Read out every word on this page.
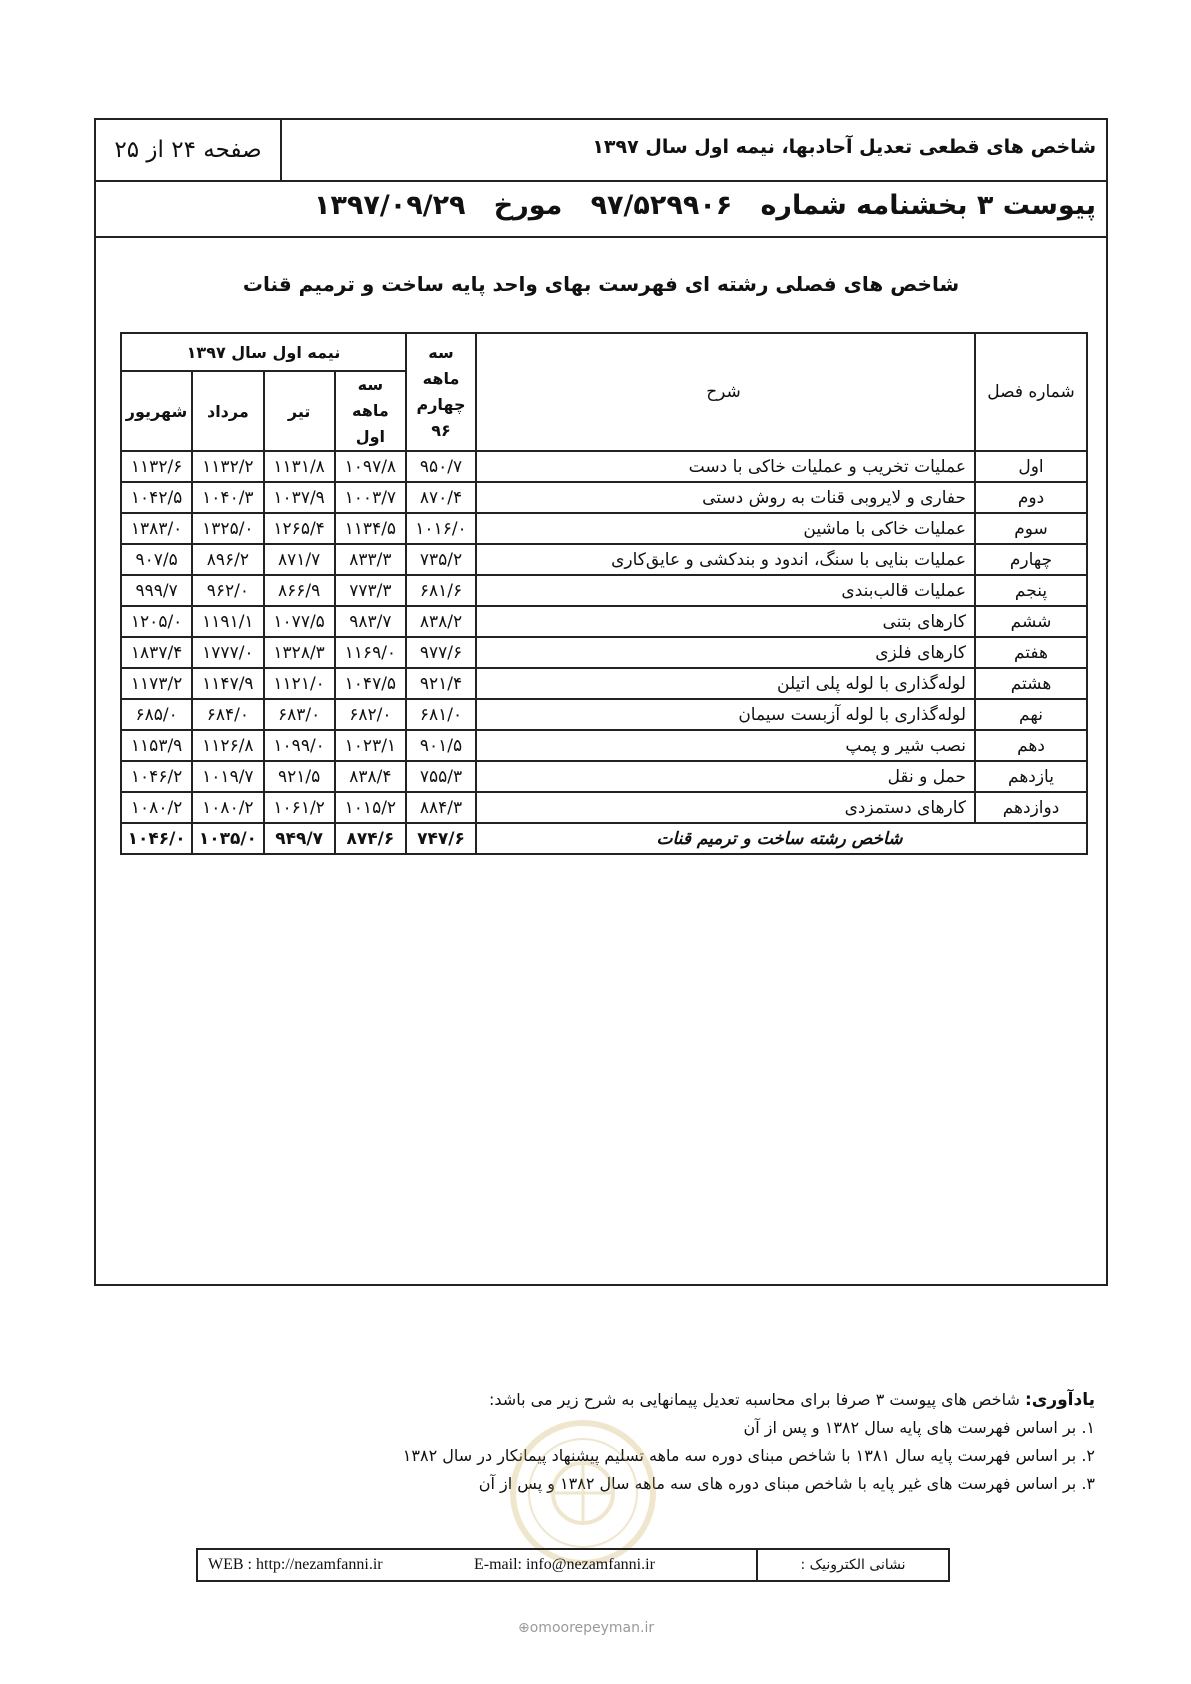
شاخص های قطعی تعدیل آحادبها، نیمه اول سال ۱۳۹۷
صفحه ۲۴ از ۲۵
پیوست ۳ بخشنامه شماره   ۹۷/۵۲۹۹۰۶   مورخ   ۱۳۹۷/۰۹/۲۹
شاخص های فصلی رشته ای فهرست بهای واحد پایه ساخت و ترمیم قنات
شماره فصل	شرح	سه ماهه چهارم ۹۶	نیمه اول سال ۱۳۹۷			
			سه ماهه اول	تیر	مرداد	شهریور
اول	عملیات تخریب و عملیات خاکی با دست	۹۵۰/۷	۱۰۹۷/۸	۱۱۳۱/۸	۱۱۳۲/۲	۱۱۳۲/۶
دوم	حفاری و لایروبی قنات به روش دستی	۸۷۰/۴	۱۰۰۳/۷	۱۰۳۷/۹	۱۰۴۰/۳	۱۰۴۲/۵
سوم	عملیات خاکی با ماشین	۱۰۱۶/۰	۱۱۳۴/۵	۱۲۶۵/۴	۱۳۲۵/۰	۱۳۸۳/۰
چهارم	عملیات بنایی با سنگ، اندود و بندکشی و عایق‌کاری	۷۳۵/۲	۸۳۳/۳	۸۷۱/۷	۸۹۶/۲	۹۰۷/۵
پنجم	عملیات قالب‌بندی	۶۸۱/۶	۷۷۳/۳	۸۶۶/۹	۹۶۲/۰	۹۹۹/۷
ششم	کارهای بتنی	۸۳۸/۲	۹۸۳/۷	۱۰۷۷/۵	۱۱۹۱/۱	۱۲۰۵/۰
هفتم	کارهای فلزی	۹۷۷/۶	۱۱۶۹/۰	۱۳۲۸/۳	۱۷۷۷/۰	۱۸۳۷/۴
هشتم	لوله‌گذاری با لوله پلی اتیلن	۹۲۱/۴	۱۰۴۷/۵	۱۱۲۱/۰	۱۱۴۷/۹	۱۱۷۳/۲
نهم	لوله‌گذاری با لوله آزبست سیمان	۶۸۱/۰	۶۸۲/۰	۶۸۳/۰	۶۸۴/۰	۶۸۵/۰
دهم	نصب شیر و پمپ	۹۰۱/۵	۱۰۲۳/۱	۱۰۹۹/۰	۱۱۲۶/۸	۱۱۵۳/۹
یازدهم	حمل و نقل	۷۵۵/۳	۸۳۸/۴	۹۲۱/۵	۱۰۱۹/۷	۱۰۴۶/۲
دوازدهم	کارهای دستمزدی	۸۸۴/۳	۱۰۱۵/۲	۱۰۶۱/۲	۱۰۸۰/۲	۱۰۸۰/۲
شاخص رشته ساخت و ترمیم قنات		۷۴۷/۶	۸۷۴/۶	۹۴۹/۷	۱۰۳۵/۰	۱۰۴۶/۰
یادآوری: شاخص های پیوست ۳ صرفا برای محاسبه تعدیل پیمانهایی به شرح زیر می باشد:
۱. بر اساس فهرست های پایه سال ۱۳۸۲ و پس از آن
۲. بر اساس فهرست پایه سال ۱۳۸۱ با شاخص مبنای دوره سه ماهه تسلیم پیشنهاد پیمانکار در سال ۱۳۸۲
۳. بر اساس فهرست های غیر پایه با شاخص مبنای دوره های سه ماهه سال ۱۳۸۲ و پس از آن
نشانی الکترونیک :
E-mail: info@nezamfanni.ir
WEB : http://nezamfanni.ir
⊕omoorepeyman.ir
